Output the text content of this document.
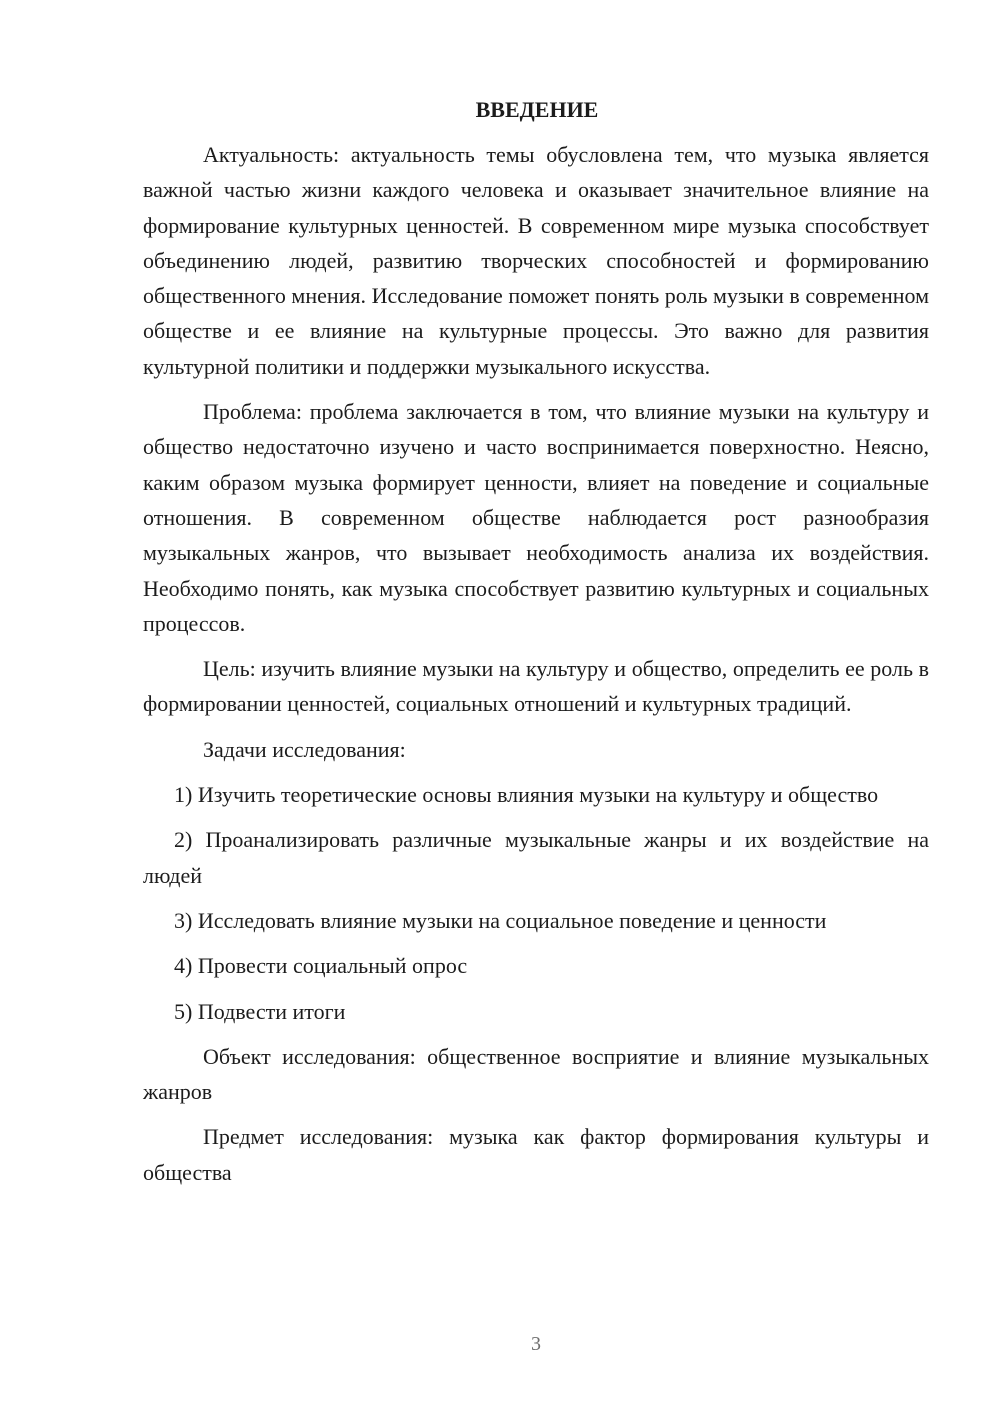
ВВЕДЕНИЕ

Актуальность: актуальность темы обусловлена тем, что музыка является важной частью жизни каждого человека и оказывает значительное влияние на формирование культурных ценностей. В современном мире музыка способствует объединению людей, развитию творческих способностей и формированию общественного мнения. Исследование поможет понять роль музыки в современном обществе и ее влияние на культурные процессы. Это важно для развития культурной политики и поддержки музыкального искусства.

Проблема: проблема заключается в том, что влияние музыки на культуру и общество недостаточно изучено и часто воспринимается поверхностно. Неясно, каким образом музыка формирует ценности, влияет на поведение и социальные отношения. В современном обществе наблюдается рост разнообразия музыкальных жанров, что вызывает необходимость анализа их воздействия. Необходимо понять, как музыка способствует развитию культурных и социальных процессов.

Цель: изучить влияние музыки на культуру и общество, определить ее роль в формировании ценностей, социальных отношений и культурных традиций.

Задачи исследования:

1) Изучить теоретические основы влияния музыки на культуру и общество

2) Проанализировать различные музыкальные жанры и их воздействие на людей

3) Исследовать влияние музыки на социальное поведение и ценности

4) Провести социальный опрос

5) Подвести итоги

Объект исследования: общественное восприятие и влияние музыкальных жанров

Предмет исследования: музыка как фактор формирования культуры и общества

3
